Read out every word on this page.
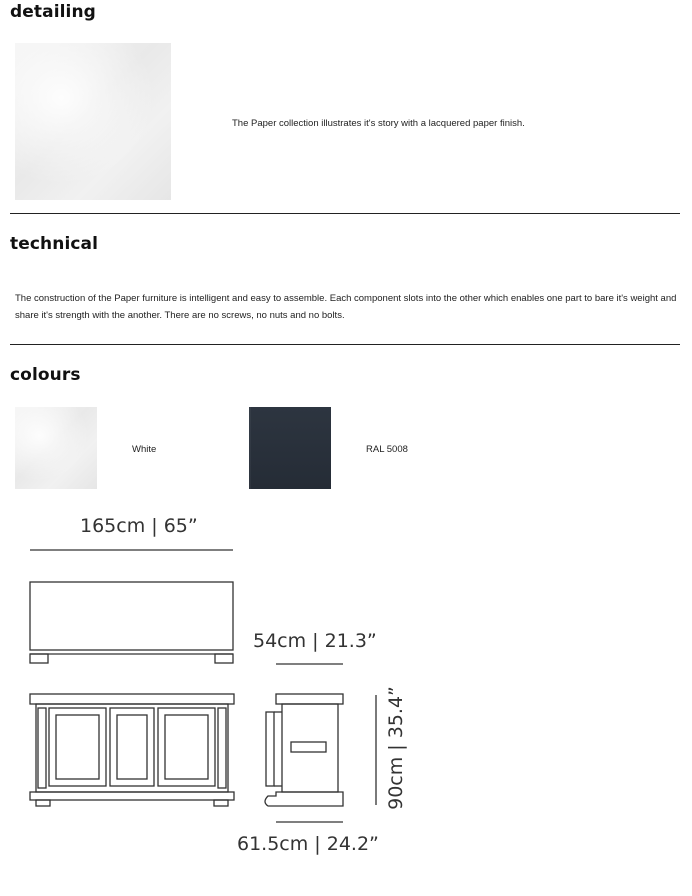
detailing
The Paper collection illustrates it's story with a lacquered paper finish.
technical
The construction of the Paper furniture is intelligent and easy to assemble. Each component slots into the other which enables one part to bare it's weight and share it's strength with the another. There are no screws, no nuts and no bolts.
colours
White	RAL 5008
165cm | 65”
54cm | 21.3”
61.5cm | 24.2”
90cm | 35.4”
